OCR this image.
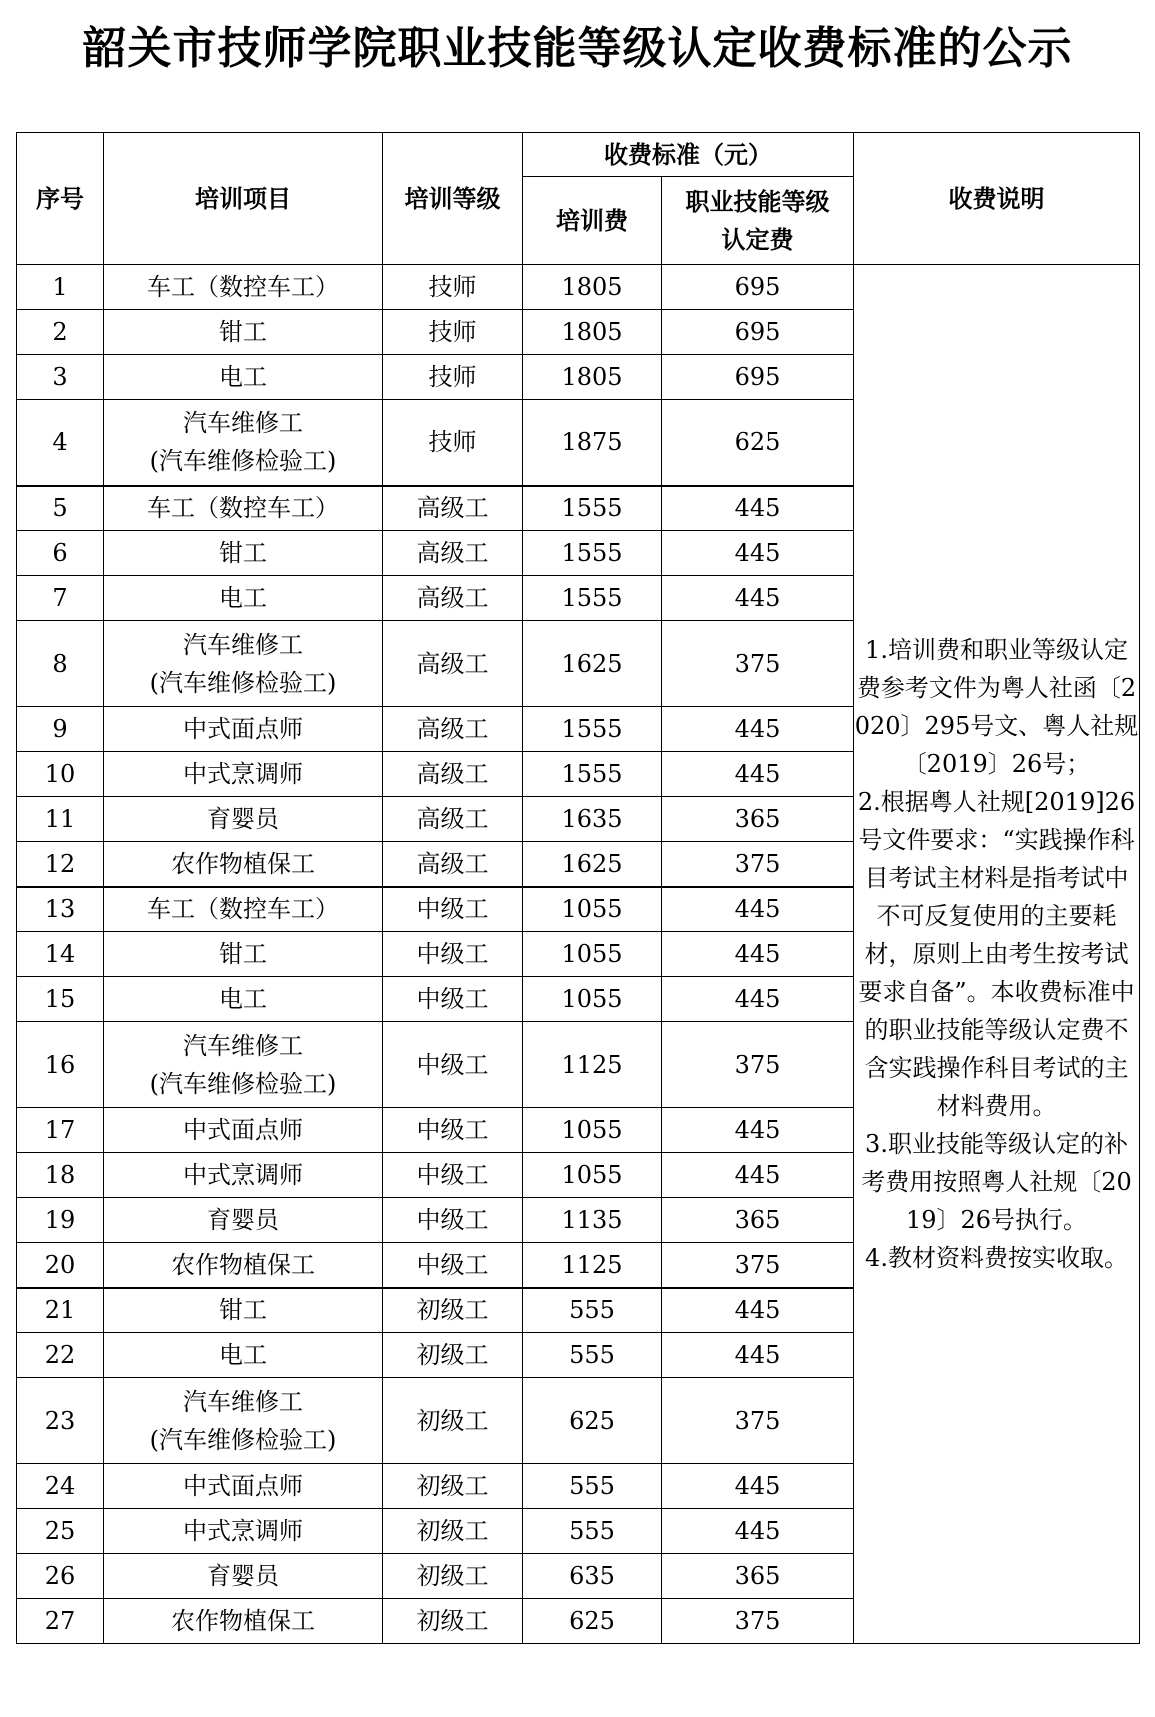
韶关市技师学院职业技能等级认定收费标准的公示
序号	培训项目	培训等级	收费标准（元）		收费说明
			培训费	职业技能等级认定费	
1	车工（数控车工）	技师	1805	695	1.培训费和职业等级认定费参考文件为粤人社函〔2020〕295号文、粤人社规〔2019〕26号；
2.根据粤人社规[2019]26号文件要求：“实践操作科目考试主材料是指考试中不可反复使用的主要耗材，原则上由考生按考试要求自备”。本收费标准中的职业技能等级认定费不含实践操作科目考试的主材料费用。
3.职业技能等级认定的补考费用按照粤人社规〔2019〕26号执行。
4.教材资料费按实收取。

2	钳工	技师	1805	695	
3	电工	技师	1805	695	
4	汽车维修工
(汽车维修检验工)	技师	1875	625	
5	车工（数控车工）	高级工	1555	445	
6	钳工	高级工	1555	445	
7	电工	高级工	1555	445	
8	汽车维修工
(汽车维修检验工)	高级工	1625	375	
9	中式面点师	高级工	1555	445	
10	中式烹调师	高级工	1555	445	
11	育婴员	高级工	1635	365	
12	农作物植保工	高级工	1625	375	
13	车工（数控车工）	中级工	1055	445	
14	钳工	中级工	1055	445	
15	电工	中级工	1055	445	
16	汽车维修工
(汽车维修检验工)	中级工	1125	375	
17	中式面点师	中级工	1055	445	
18	中式烹调师	中级工	1055	445	
19	育婴员	中级工	1135	365	
20	农作物植保工	中级工	1125	375	
21	钳工	初级工	555	445	
22	电工	初级工	555	445	
23	汽车维修工
(汽车维修检验工)	初级工	625	375	
24	中式面点师	初级工	555	445	
25	中式烹调师	初级工	555	445	
26	育婴员	初级工	635	365	
27	农作物植保工	初级工	625	375	
